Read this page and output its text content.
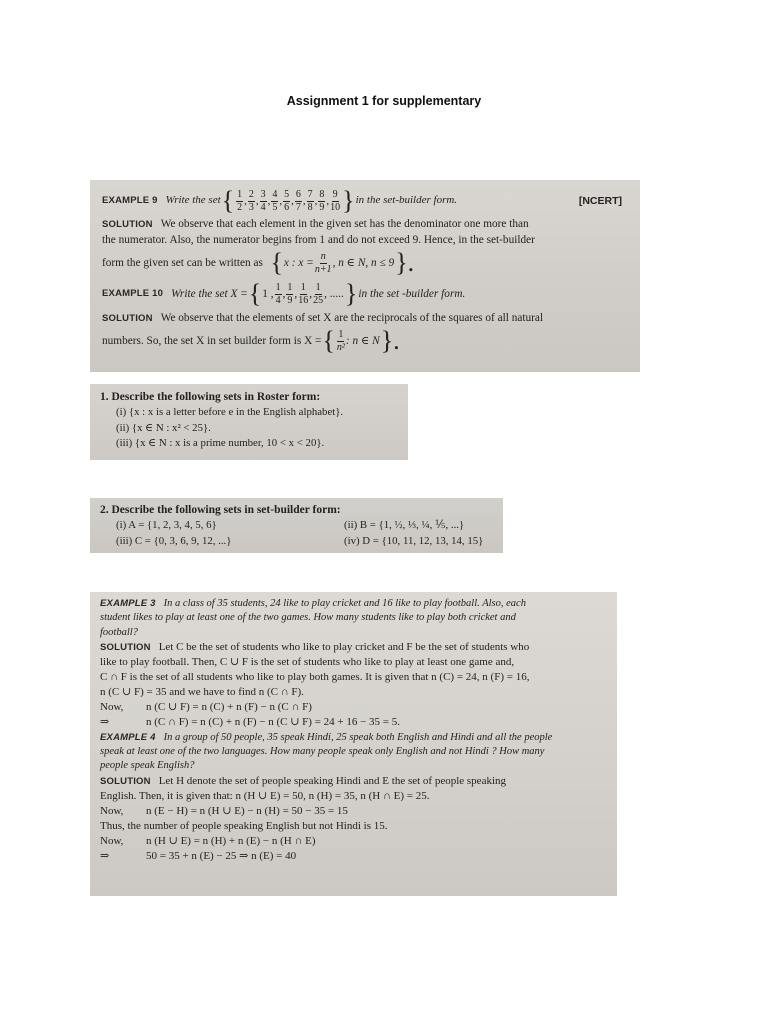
Assignment 1 for supplementary
EXAMPLE 9 Write the set { $\frac{1}{2}$ , $\frac{2}{3}$ , $\frac{3}{4}$ , $\frac{4}{5}$ , $\frac{5}{6}$ , $\frac{6}{7}$ , $\frac{7}{8}$ , $\frac{8}{9}$ , $\frac{9}{10}$ } in the set-builder form.	[NCERT]
SOLUTION We observe that each element in the given set has the denominator one more than
the numerator. Also, the numerator begins from 1 and do not exceed 9. Hence, in the set-builder
form the given set can be written as { x : $x = \frac{n}{n+1}$ , n ∈ N, n ≤ 9 }.
EXAMPLE 10 Write the set X = { 1 , $\frac{1}{4}$ , $\frac{1}{9}$ , $\frac{1}{16}$ , $\frac{1}{25}$ , ..... } in the set -builder form.
SOLUTION We observe that the elements of set X are the reciprocals of the squares of all natural
numbers. So, the set X in set builder form is X = { $\frac{1}{\text{n²}}$ : n ∈ N }.
1. Describe the following sets in Roster form:
(i) {x : x is a letter before e in the English alphabet}.
(ii) {x ∈ N : x² < 25}.
(iii) {x ∈ N : x is a prime number, 10 < x < 20}.
2. Describe the following sets in set-builder form:
(i) A = {1, 2, 3, 4, 5, 6}	(ii) B = {1, ½, ⅓, ¼, ⅕, ...}
(iii) C = {0, 3, 6, 9, 12, ...}	(iv) D = {10, 11, 12, 13, 14, 15}
EXAMPLE 3 In a class of 35 students, 24 like to play cricket and 16 like to play football. Also, each
student likes to play at least one of the two games. How many students like to play both cricket and
football?
SOLUTION Let C be the set of students who like to play cricket and F be the set of students who
like to play football. Then, C ∪ F is the set of students who like to play at least one game and,
C ∩ F is the set of all students who like to play both games. It is given that n (C) = 24, n (F) = 16,
n (C ∪ F) = 35 and we have to find n (C ∩ F).
Now,	n (C ∪ F) = n (C) + n (F) − n (C ∩ F)
⇒	n (C ∩ F) = n (C) + n (F) − n (C ∪ F) = 24 + 16 − 35 = 5.
EXAMPLE 4 In a group of 50 people, 35 speak Hindi, 25 speak both English and Hindi and all the people
speak at least one of the two languages. How many people speak only English and not Hindi ? How many
people speak English?
SOLUTION Let H denote the set of people speaking Hindi and E the set of people speaking
English. Then, it is given that: n (H ∪ E) = 50, n (H) = 35, n (H ∩ E) = 25.
Now,	n (E − H) = n (H ∪ E) − n (H) = 50 − 35 = 15
Thus, the number of people speaking English but not Hindi is 15.
Now,	n (H ∪ E) = n (H) + n (E) − n (H ∩ E)
⇒	50 = 35 + n (E) − 25 ⇒ n (E) = 40
